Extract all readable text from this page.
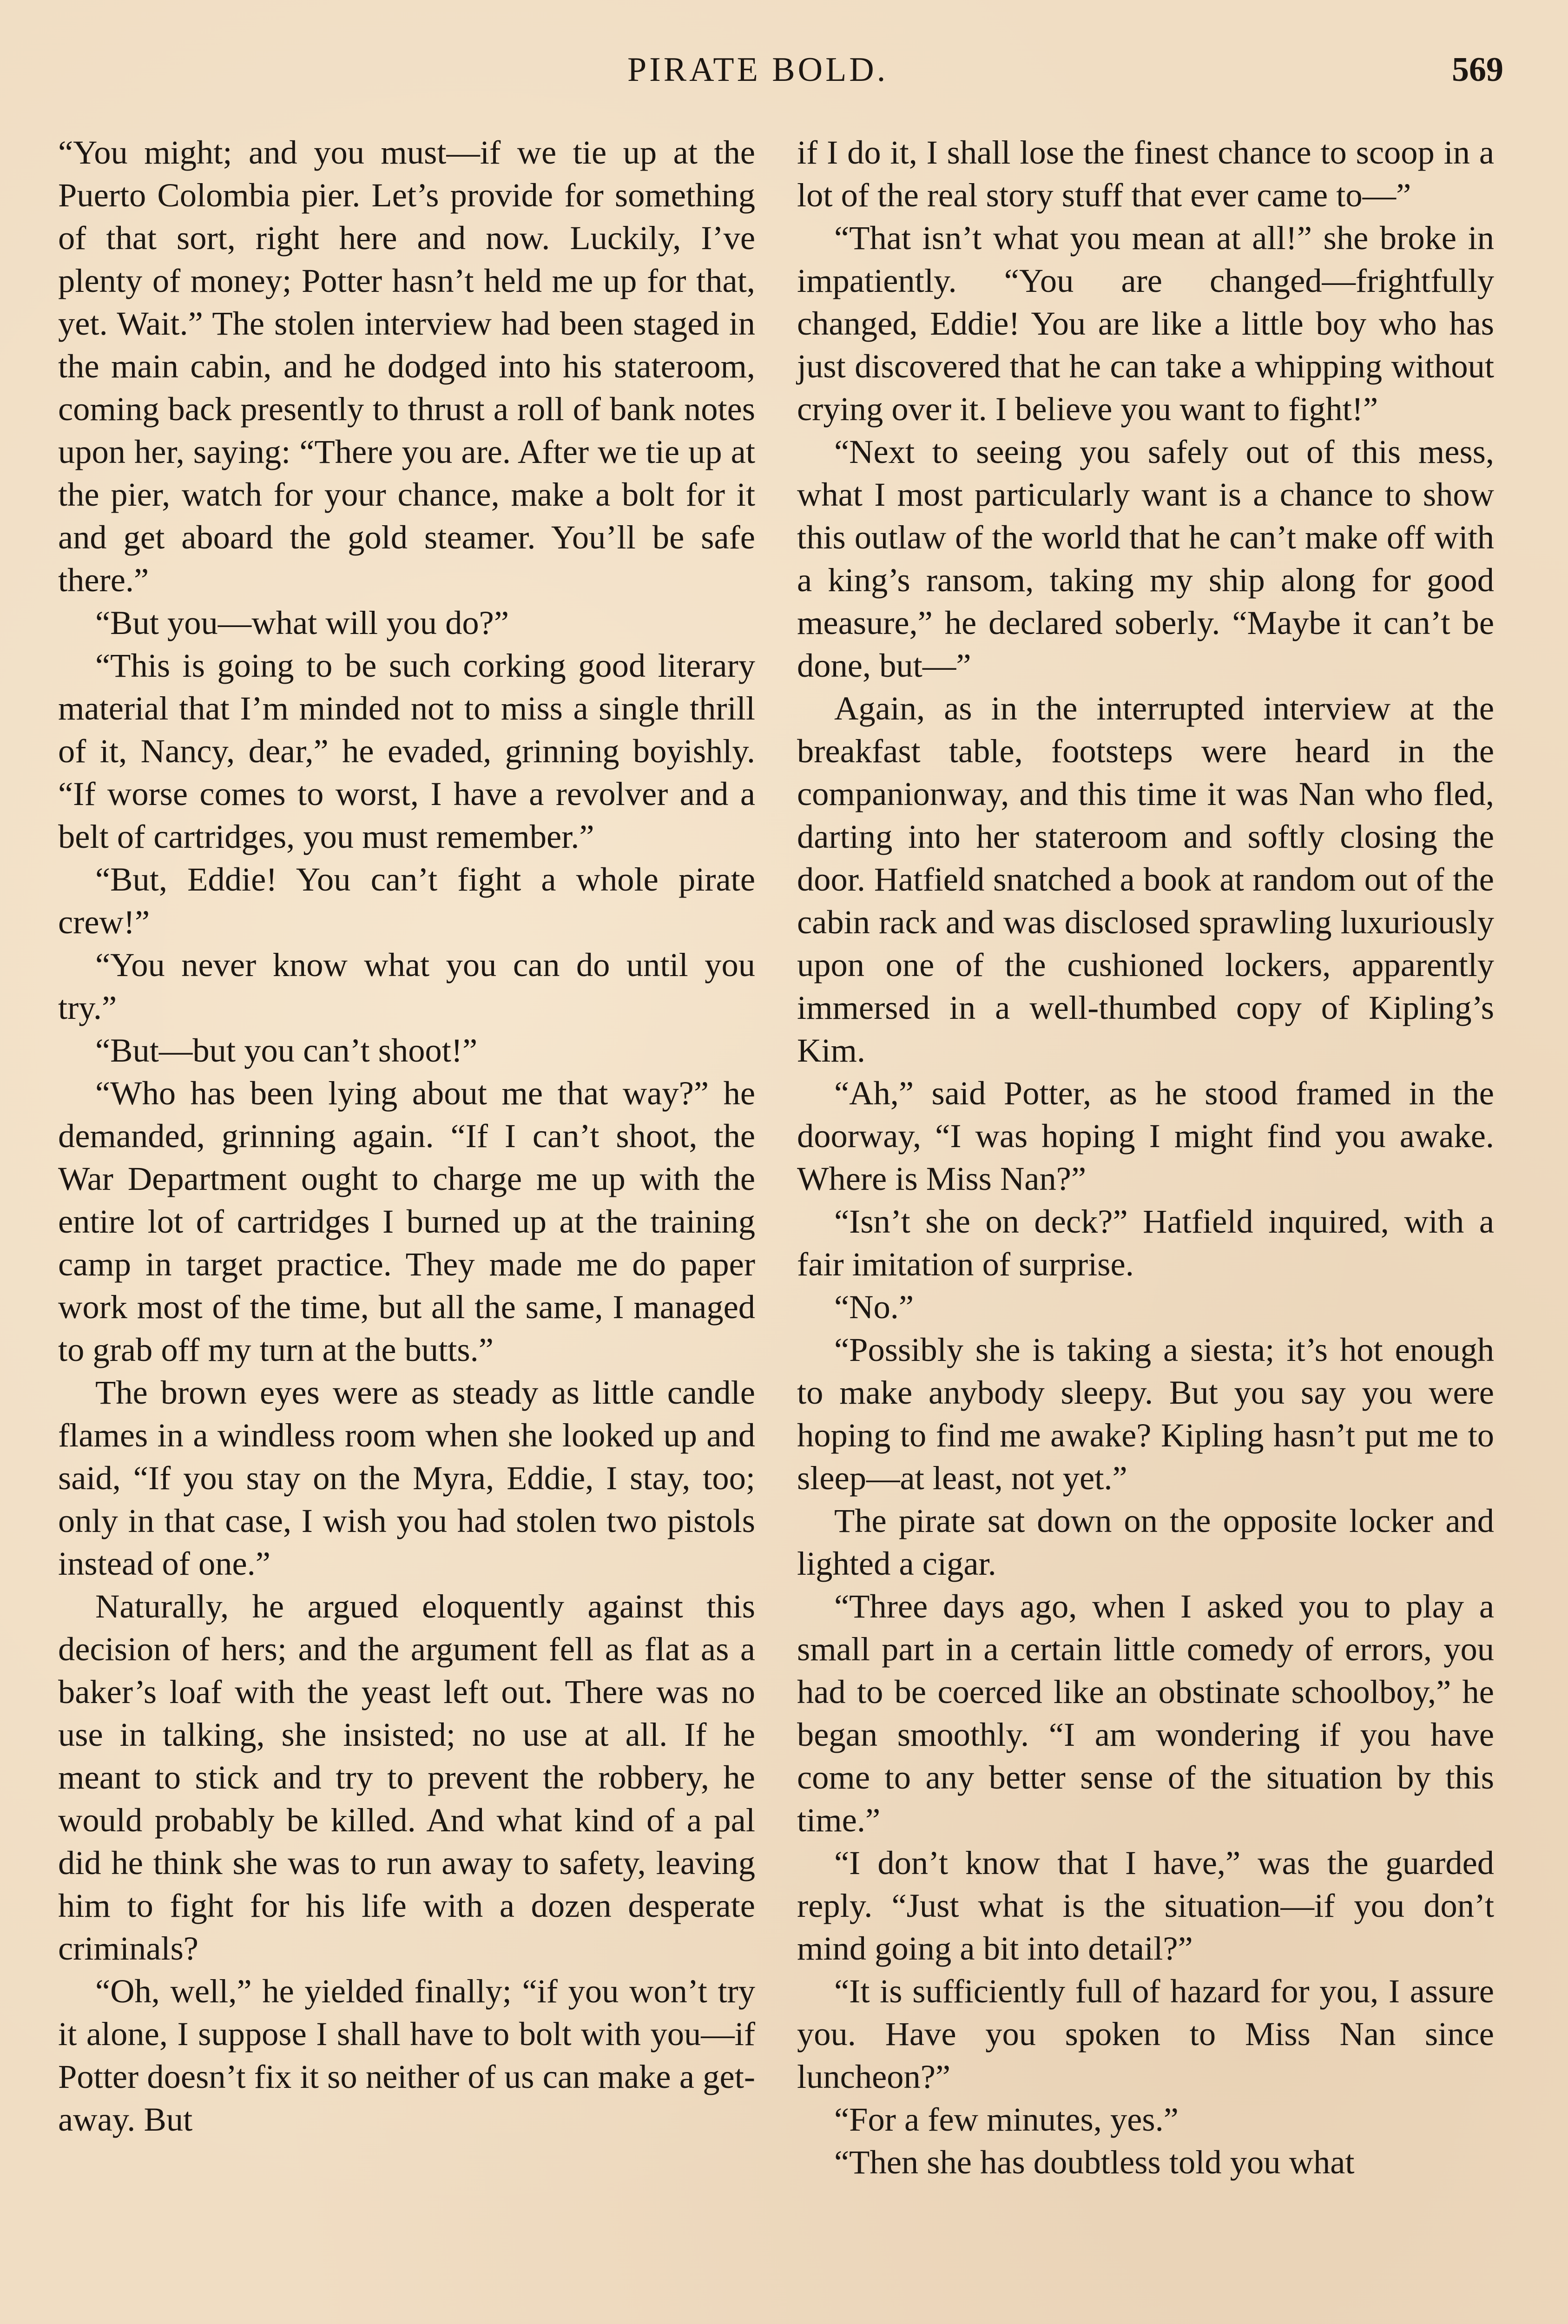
PIRATE BOLD.	569

“You might; and you must—if we tie up at the Puerto Colombia pier. Let’s provide for something of that sort, right here and now. Luckily, I’ve plenty of money; Potter hasn’t held me up for that, yet. Wait.” The stolen interview had been staged in the main cabin, and he dodged into his stateroom, coming back presently to thrust a roll of bank notes upon her, saying: “There you are. After we tie up at the pier, watch for your chance, make a bolt for it and get aboard the gold steamer. You’ll be safe there.”

“But you—what will you do?”

“This is going to be such corking good literary material that I’m minded not to miss a single thrill of it, Nancy, dear,” he evaded, grinning boyishly. “If worse comes to worst, I have a revolver and a belt of cartridges, you must remember.”

“But, Eddie! You can’t fight a whole pirate crew!”

“You never know what you can do until you try.”

“But—but you can’t shoot!”

“Who has been lying about me that way?” he demanded, grinning again. “If I can’t shoot, the War Department ought to charge me up with the entire lot of cartridges I burned up at the training camp in target practice. They made me do paper work most of the time, but all the same, I managed to grab off my turn at the butts.”

The brown eyes were as steady as little candle flames in a windless room when she looked up and said, “If you stay on the Myra, Eddie, I stay, too; only in that case, I wish you had stolen two pistols instead of one.”

Naturally, he argued eloquently against this decision of hers; and the argument fell as flat as a baker’s loaf with the yeast left out. There was no use in talking, she insisted; no use at all. If he meant to stick and try to prevent the robbery, he would probably be killed. And what kind of a pal did he think she was to run away to safety, leaving him to fight for his life with a dozen desperate criminals?

“Oh, well,” he yielded finally; “if you won’t try it alone, I suppose I shall have to bolt with you—if Potter doesn’t fix it so neither of us can make a get-away. But

if I do it, I shall lose the finest chance to scoop in a lot of the real story stuff that ever came to—”

“That isn’t what you mean at all!” she broke in impatiently. “You are changed—frightfully changed, Eddie! You are like a little boy who has just discovered that he can take a whipping without crying over it. I believe you want to fight!”

“Next to seeing you safely out of this mess, what I most particularly want is a chance to show this outlaw of the world that he can’t make off with a king’s ransom, taking my ship along for good measure,” he declared soberly. “Maybe it can’t be done, but—”

Again, as in the interrupted interview at the breakfast table, footsteps were heard in the companionway, and this time it was Nan who fled, darting into her stateroom and softly closing the door. Hatfield snatched a book at random out of the cabin rack and was disclosed sprawling luxuriously upon one of the cushioned lockers, apparently immersed in a well-thumbed copy of Kipling’s Kim.

“Ah,” said Potter, as he stood framed in the doorway, “I was hoping I might find you awake. Where is Miss Nan?”

“Isn’t she on deck?” Hatfield inquired, with a fair imitation of surprise.

“No.”

“Possibly she is taking a siesta; it’s hot enough to make anybody sleepy. But you say you were hoping to find me awake? Kipling hasn’t put me to sleep—at least, not yet.”

The pirate sat down on the opposite locker and lighted a cigar.

“Three days ago, when I asked you to play a small part in a certain little comedy of errors, you had to be coerced like an obstinate schoolboy,” he began smoothly. “I am wondering if you have come to any better sense of the situation by this time.”

“I don’t know that I have,” was the guarded reply. “Just what is the situation—if you don’t mind going a bit into detail?”

“It is sufficiently full of hazard for you, I assure you. Have you spoken to Miss Nan since luncheon?”

“For a few minutes, yes.”

“Then she has doubtless told you what
